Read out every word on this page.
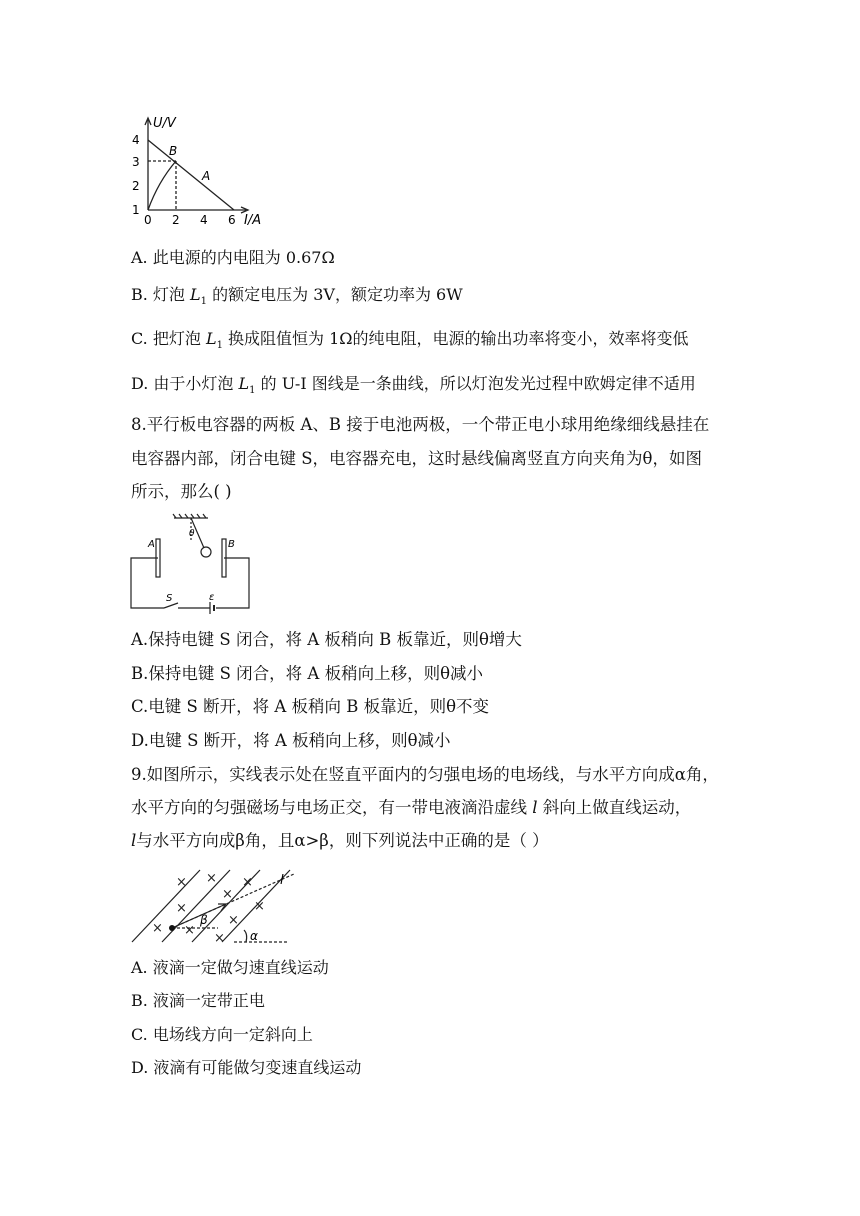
U/V
4
3
2
1
0 2 4 6 I/A
B
A
A. 此电源的内电阻为 0.67Ω
B. 灯泡 $L_1$ 的额定电压为 3V，额定功率为 6W
C. 把灯泡 $L_1$ 换成阻值恒为 1Ω的纯电阻，电源的输出功率将变小，效率将变低
D. 由于小灯泡 $L_1$ 的 U-I 图线是一条曲线，所以灯泡发光过程中欧姆定律不适用
8.平行板电容器的两板 A、B 接于电池两极，一个带正电小球用绝缘细线悬挂在
电容器内部，闭合电键 S，电容器充电，这时悬线偏离竖直方向夹角为θ，如图
所示，那么( )
A	B
θ
S	ε
A.保持电键 S 闭合，将 A 板稍向 B 板靠近，则θ增大
B.保持电键 S 闭合，将 A 板稍向上移，则θ减小
C.电键 S 断开，将 A 板稍向 B 板靠近，则θ不变
D.电键 S 断开，将 A 板稍向上移，则θ减小
9.如图所示，实线表示处在竖直平面内的匀强电场的电场线，与水平方向成α角，
水平方向的匀强磁场与电场正交，有一带电液滴沿虚线 l 斜向上做直线运动，
l与水平方向成β角，且α>β，则下列说法中正确的是（ ）
× × ×
×
×
×
× ×
×
×
l
β
α
A. 液滴一定做匀速直线运动
B. 液滴一定带正电
C. 电场线方向一定斜向上
D. 液滴有可能做匀变速直线运动
